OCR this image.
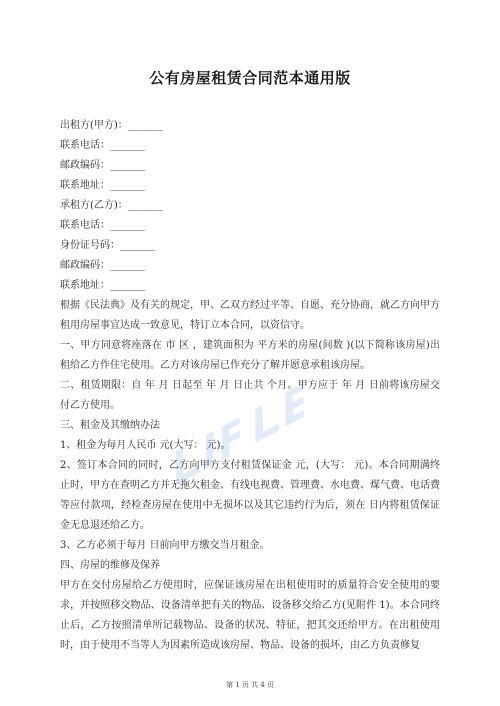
公有房屋租赁合同范本通用版
出租方(甲方)：_______
联系电话：_______
邮政编码：_______
联系地址：_______
承租方(乙方)：_______
联系电话：_______
身份证号码：_______
邮政编码：_______
联系地址：_______
根据《民法典》及有关的规定，甲、乙双方经过平等、自愿、充分协商，就乙方向甲方租用房屋事宜达成一致意见，特订立本合同，以资信守。
一、甲方同意将座落在 市 区 ，建筑面积为 平方米的房屋(间数 )(以下简称该房屋)出租给乙方作住宅使用。乙方对该房屋已作充分了解并愿意承租该房屋。
二、租赁期限：自 年 月 日起至 年 月 日止共 个月。甲方应于 年 月 日前将该房屋交付乙方使用。
三、租金及其缴纳办法
1、租金为每月人民币 元(大写： 元)。
2、签订本合同的同时，乙方向甲方支付租赁保证金 元，(大写： 元)。本合同期满终止时，甲方在查明乙方并无拖欠租金、有线电视费、管理费、水电费、煤气费、电话费等应付款项，经检查房屋在使用中无损坏以及其它违约行为后，须在 日内将租赁保证金无息退还给乙方。
3、乙方必须于每月 日前向甲方缴交当月租金。
四、房屋的维修及保养
甲方在交付房屋给乙方使用时，应保证该房屋在出租使用时的质量符合安全使用的要求，并按照移交物品、设备清单把有关的物品、设备移交给乙方(见附件 1)。本合同终止后，乙方按照清单所记载物品、设备的状况、特征，把其交还给甲方。在出租使用时，由于使用不当等人为因素所造成该房屋、物品、设备的损坏，由乙方负责修复
第 1 页 共 4 页
